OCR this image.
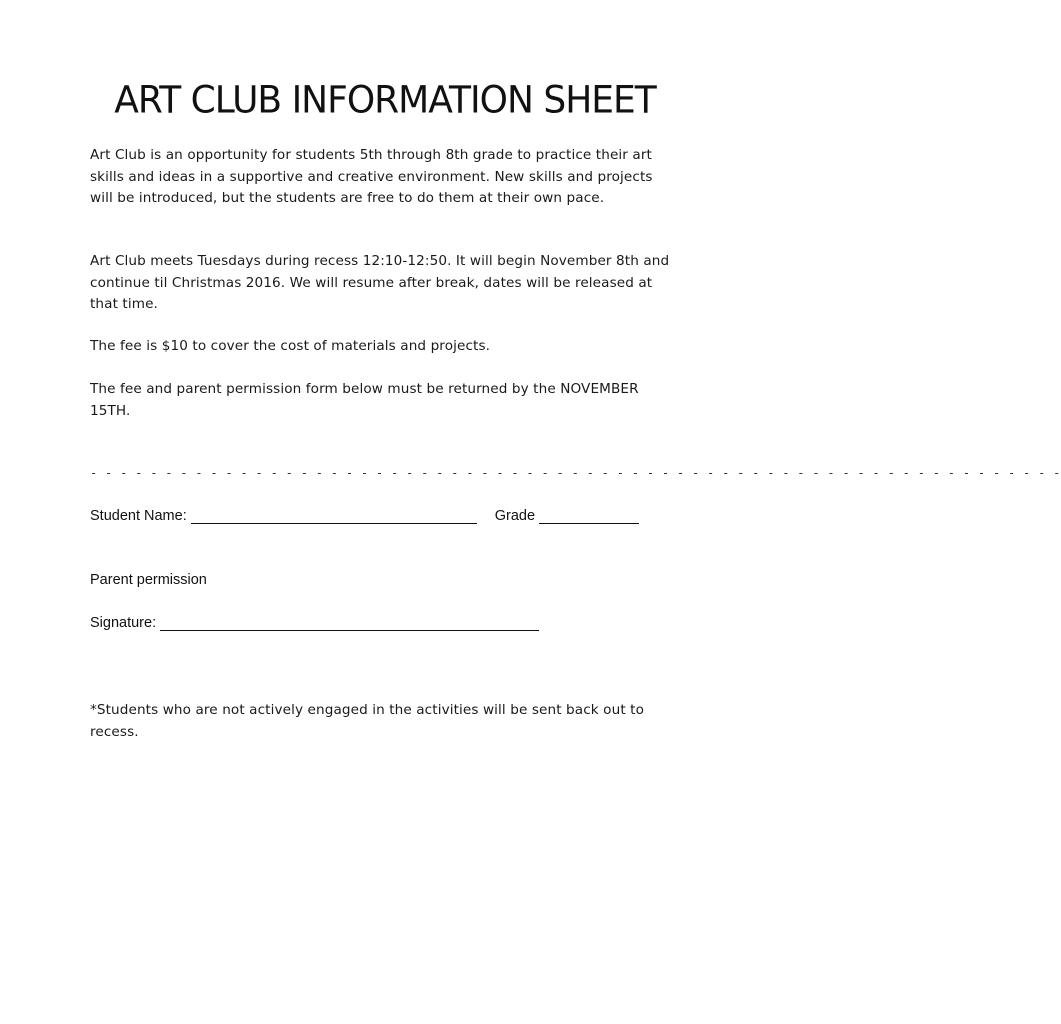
ART CLUB INFORMATION SHEET

Art Club is an opportunity for students 5th through 8th grade to practice their art skills and ideas in a supportive and creative environment. New skills and projects will be introduced, but the students are free to do them at their own pace.

Art Club meets Tuesdays during recess 12:10-12:50. It will begin November 8th and continue til Christmas 2016. We will resume after break, dates will be released at that time.

The fee is $10 to cover the cost of materials and projects.

The fee and parent permission form below must be returned by the NOVEMBER 15TH.

- - - - - - - - - - - - - - - - - - - - - - - - - - - - - - - - - - - - - - - - - - - - - - - - - - - - - - - - - - - - - - - - -
Student Name:	Grade
Parent permission
Signature:

*Students who are not actively engaged in the activities will be sent back out to recess.
